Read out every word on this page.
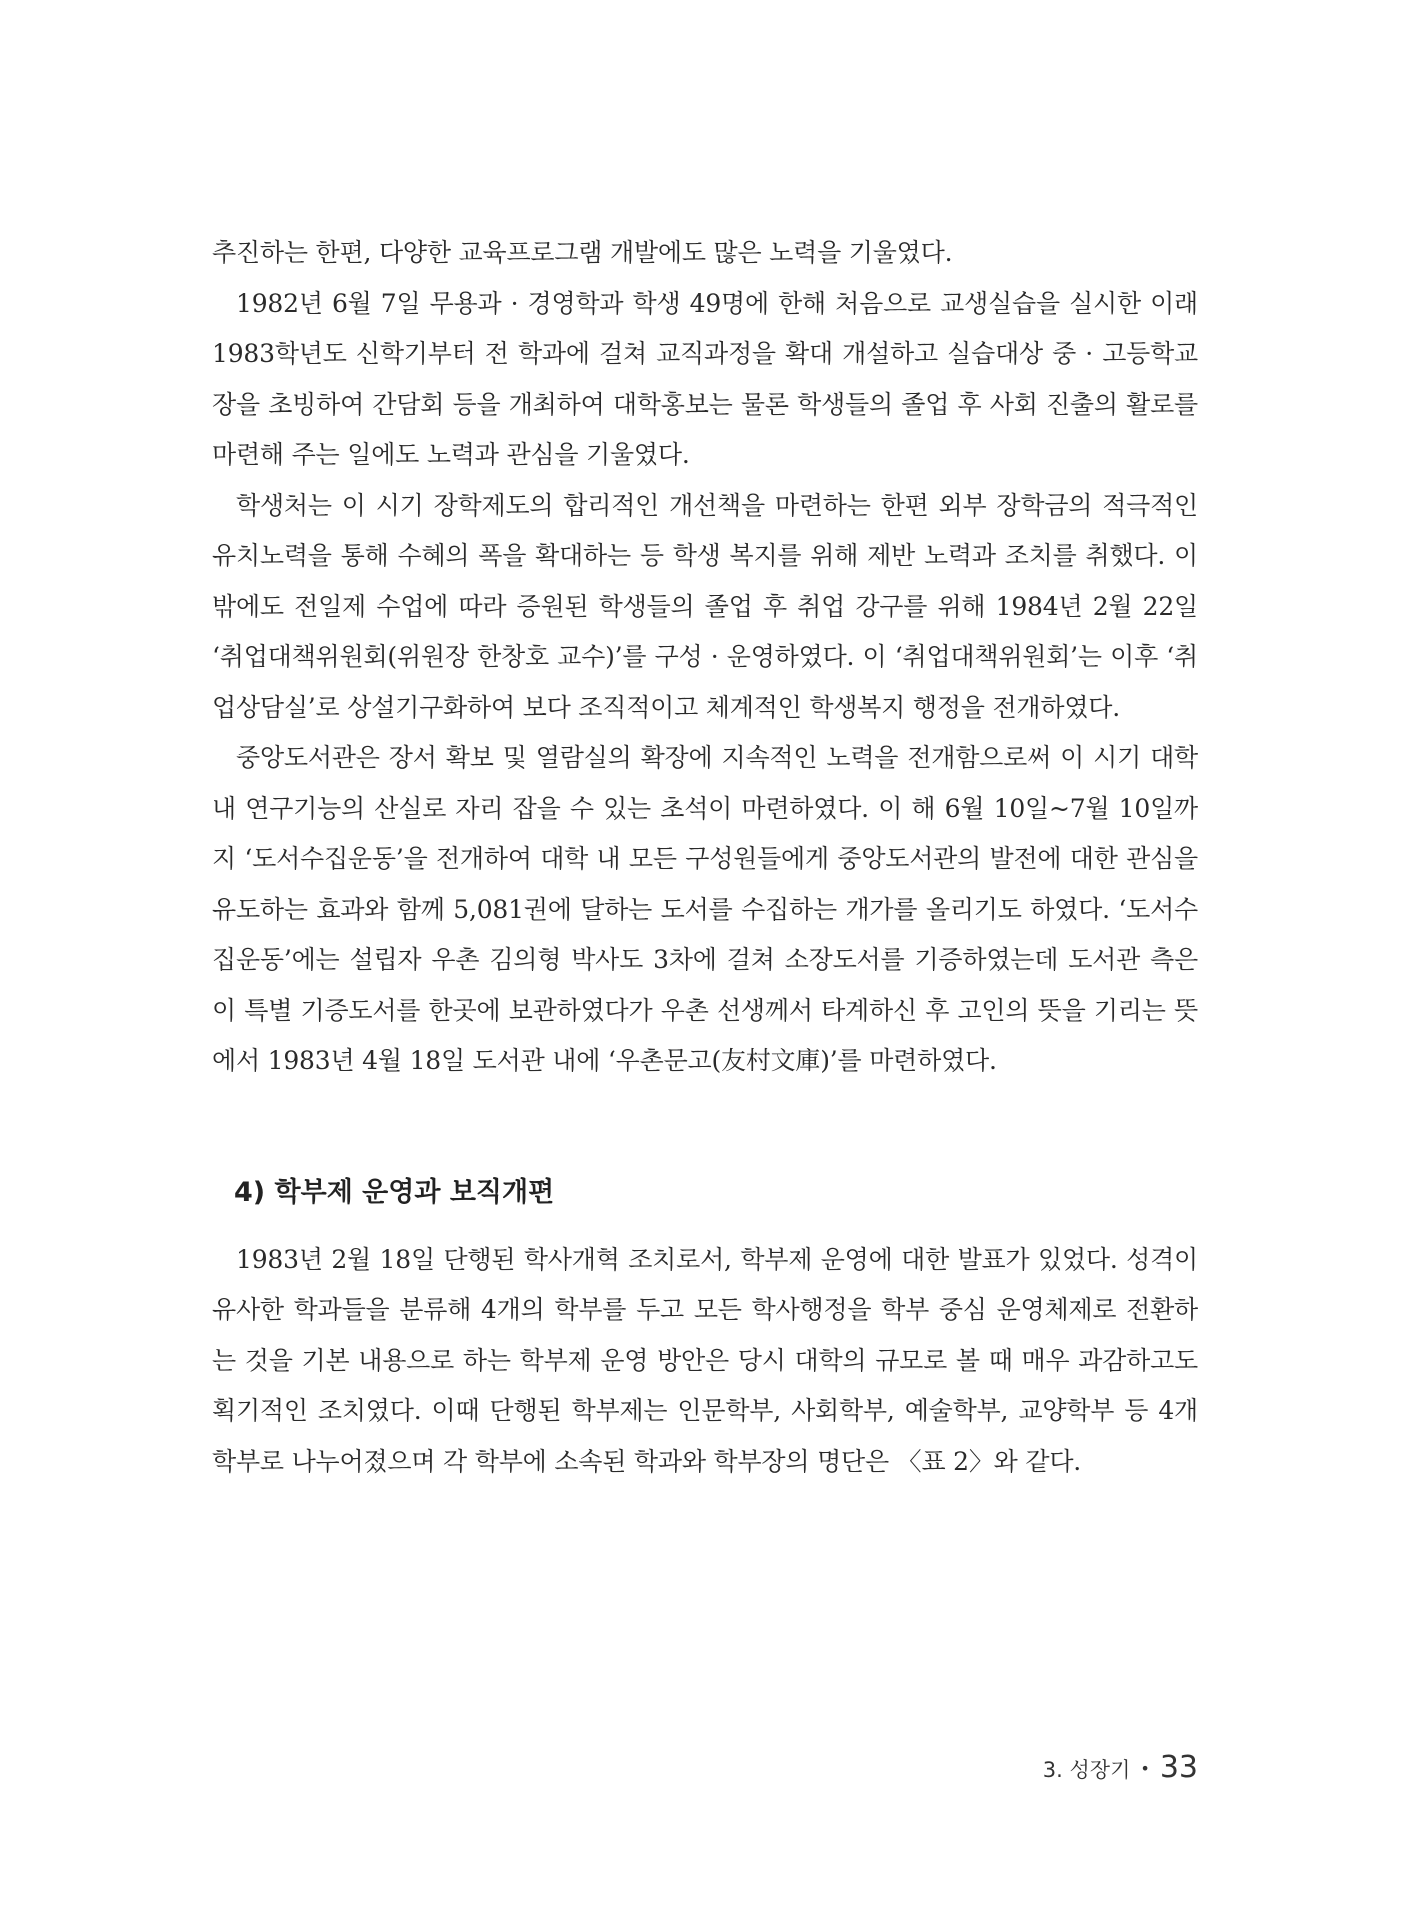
추진하는 한편, 다양한 교육프로그램 개발에도 많은 노력을 기울였다.

1982년 6월 7일 무용과 · 경영학과 학생 49명에 한해 처음으로 교생실습을 실시한 이래 1983학년도 신학기부터 전 학과에 걸쳐 교직과정을 확대 개설하고 실습대상 중 · 고등학교장을 초빙하여 간담회 등을 개최하여 대학홍보는 물론 학생들의 졸업 후 사회 진출의 활로를 마련해 주는 일에도 노력과 관심을 기울였다.

학생처는 이 시기 장학제도의 합리적인 개선책을 마련하는 한편 외부 장학금의 적극적인 유치노력을 통해 수혜의 폭을 확대하는 등 학생 복지를 위해 제반 노력과 조치를 취했다. 이밖에도 전일제 수업에 따라 증원된 학생들의 졸업 후 취업 강구를 위해 1984년 2월 22일 ‘취업대책위원회(위원장 한창호 교수)’를 구성 · 운영하였다. 이 ‘취업대책위원회’는 이후 ‘취업상담실’로 상설기구화하여 보다 조직적이고 체계적인 학생복지 행정을 전개하였다.

중앙도서관은 장서 확보 및 열람실의 확장에 지속적인 노력을 전개함으로써 이 시기 대학 내 연구기능의 산실로 자리 잡을 수 있는 초석이 마련하였다. 이 해 6월 10일~7월 10일까지 ‘도서수집운동’을 전개하여 대학 내 모든 구성원들에게 중앙도서관의 발전에 대한 관심을 유도하는 효과와 함께 5,081권에 달하는 도서를 수집하는 개가를 올리기도 하였다. ‘도서수집운동’에는 설립자 우촌 김의형 박사도 3차에 걸쳐 소장도서를 기증하였는데 도서관 측은 이 특별 기증도서를 한곳에 보관하였다가 우촌 선생께서 타계하신 후 고인의 뜻을 기리는 뜻에서 1983년 4월 18일 도서관 내에 ‘우촌문고(友村文庫)’를 마련하였다.

4) 학부제 운영과 보직개편

1983년 2월 18일 단행된 학사개혁 조치로서, 학부제 운영에 대한 발표가 있었다. 성격이 유사한 학과들을 분류해 4개의 학부를 두고 모든 학사행정을 학부 중심 운영체제로 전환하는 것을 기본 내용으로 하는 학부제 운영 방안은 당시 대학의 규모로 볼 때 매우 과감하고도 획기적인 조치였다. 이때 단행된 학부제는 인문학부, 사회학부, 예술학부, 교양학부 등 4개학부로 나누어졌으며 각 학부에 소속된 학과와 학부장의 명단은 〈표 2〉와 같다.

3. 성장기 • 33
